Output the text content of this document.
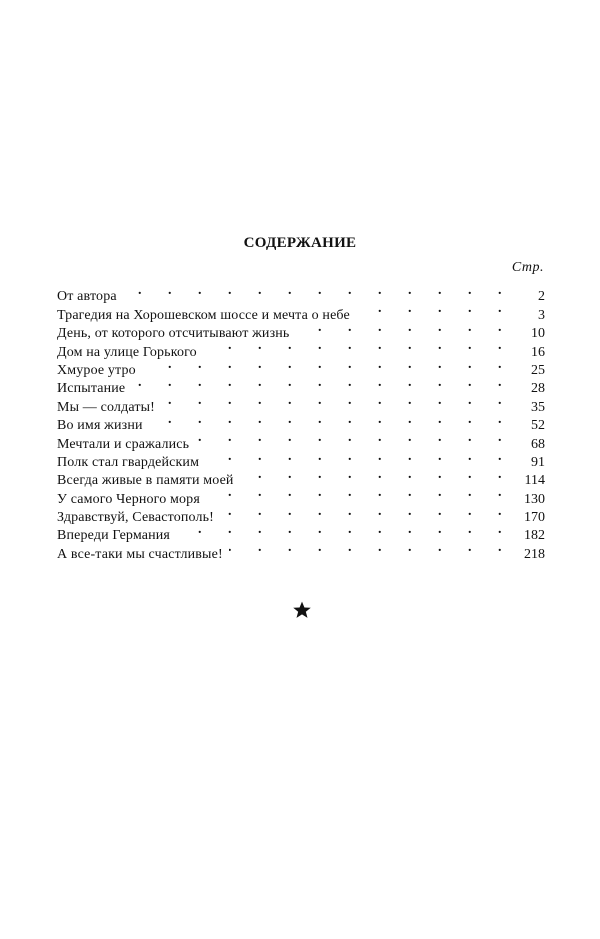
СОДЕРЖАНИЕ
Стр.
От автора . . .	2
Трагедия на Хорошевском шоссе и мечта о небе . . .	3
День, от которого отсчитывают жизнь . . .	10
Дом на улице Горького . . .	16
Хмурое утро . . .	25
Испытание . . .	28
Мы — солдаты! . . .	35
Во имя жизни . . .	52
Мечтали и сражались . . .	68
Полк стал гвардейским . . .	91
Всегда живые в памяти моей . . .	114
У самого Черного моря . . .	130
Здравствуй, Севастополь! . . .	170
Впереди Германия . . .	182
А все-таки мы счастливые! . . .	218
